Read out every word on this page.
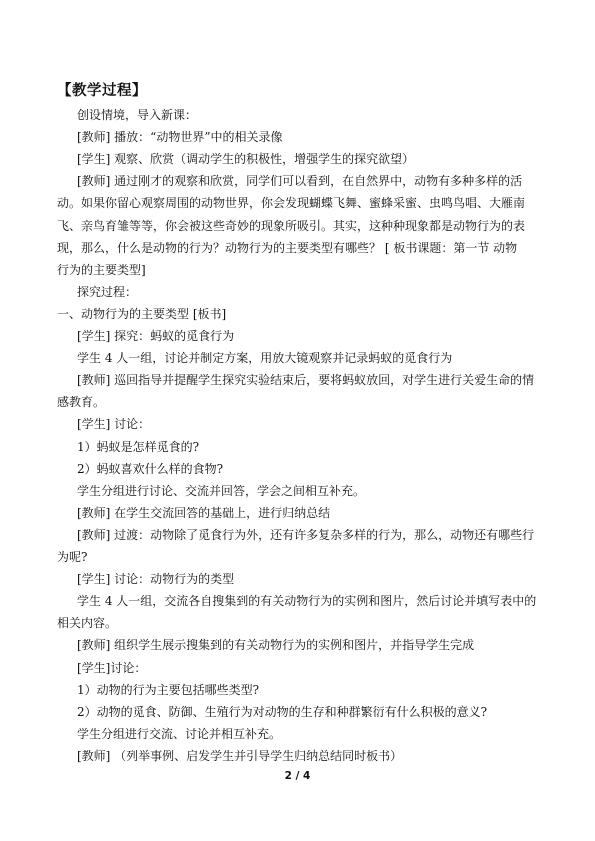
【教学过程】
创设情境，导入新课：
[教师] 播放：“动物世界”中的相关录像
[学生] 观察、欣赏（调动学生的积极性，增强学生的探究欲望）
[教师] 通过刚才的观察和欣赏，同学们可以看到，在自然界中，动物有多种多样的活
动。如果你留心观察周围的动物世界，你会发现蝴蝶飞舞、蜜蜂采蜜、虫鸣鸟唱、大雁南
飞、亲鸟育雏等等，你会被这些奇妙的现象所吸引。其实，这种种现象都是动物行为的表
现，那么，什么是动物的行为？动物行为的主要类型有哪些？ [ 板书课题：第一节 动物
行为的主要类型]
探究过程：
一、动物行为的主要类型 [板书]
[学生] 探究：蚂蚁的觅食行为
学生 4 人一组，讨论并制定方案，用放大镜观察并记录蚂蚁的觅食行为
[教师] 巡回指导并提醒学生探究实验结束后，要将蚂蚁放回，对学生进行关爱生命的情
感教育。
[学生] 讨论：
1）蚂蚁是怎样觅食的?
2）蚂蚁喜欢什么样的食物?
学生分组进行讨论、交流并回答，学会之间相互补充。
[教师] 在学生交流回答的基础上，进行归纳总结
[教师] 过渡：动物除了觅食行为外，还有许多复杂多样的行为，那么，动物还有哪些行
为呢?
[学生] 讨论：动物行为的类型
学生 4 人一组，交流各自搜集到的有关动物行为的实例和图片，然后讨论并填写表中的
相关内容。
[教师] 组织学生展示搜集到的有关动物行为的实例和图片，并指导学生完成
[学生]讨论：
1）动物的行为主要包括哪些类型?
2）动物的觅食、防御、生殖行为对动物的生存和种群繁衍有什么积极的意义?
学生分组进行交流、讨论并相互补充。
[教师] （列举事例、启发学生并引导学生归纳总结同时板书）
2 / 4
